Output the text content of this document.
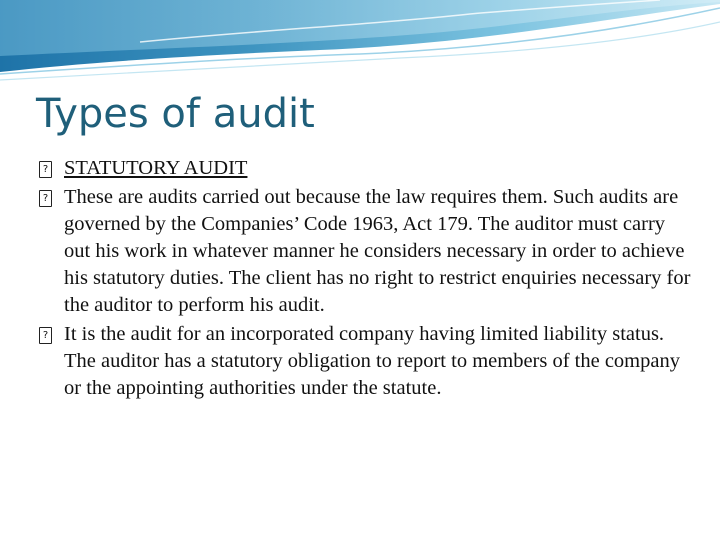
Types of audit
? STATUTORY AUDIT
? These are audits carried out because the law requires them. Such audits are governed by the Companies’ Code 1963, Act 179. The auditor must carry out his work in whatever manner he considers necessary in order to achieve his statutory duties. The client has no right to restrict enquiries necessary for the auditor to perform his audit.
? It is the audit for an incorporated company having limited liability status. The auditor has a statutory obligation to report to members of the company or the appointing authorities under the statute.
